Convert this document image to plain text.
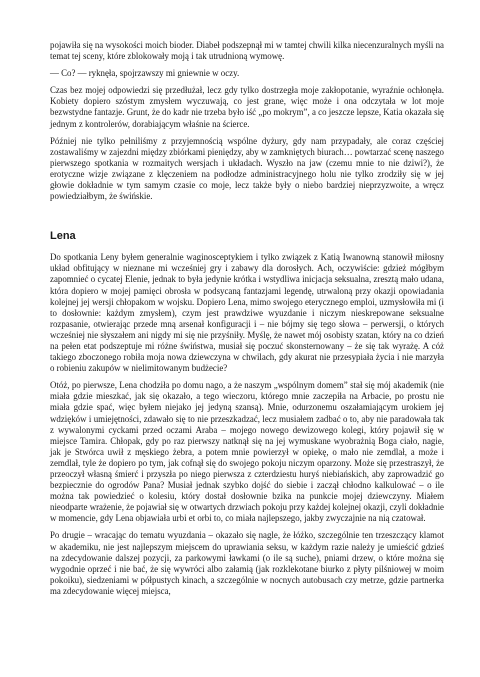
pojawiła się na wysokości moich bioder. Diabeł podszepnął mi w tamtej chwili kilka niecenzuralnych myśli na temat tej sceny, które zblokowały moją i tak utrudnioną wymowę.

— Co? — ryknęła, spojrzawszy mi gniewnie w oczy.

Czas bez mojej odpowiedzi się przedłużał, lecz gdy tylko dostrzegła moje zakłopotanie, wyraźnie ochłonęła. Kobiety dopiero szóstym zmysłem wyczuwają, co jest grane, więc może i ona odczytała w lot moje bezwstydne fantazje. Grunt, że do kadr nie trzeba było iść „po mokrym”, a co jeszcze lepsze, Katia okazała się jednym z kontrolerów, dorabiającym właśnie na ścierce.

Później nie tylko pełniliśmy z przyjemnością wspólne dyżury, gdy nam przypadały, ale coraz częściej zostawaliśmy w zajezdni między zbiórkami pieniędzy, aby w zamkniętych biurach… powtarzać scenę naszego pierwszego spotkania w rozmaitych wersjach i układach. Wyszło na jaw (czemu mnie to nie dziwi?), że erotyczne wizje związane z klęczeniem na podłodze administracyjnego holu nie tylko zrodziły się w jej głowie dokładnie w tym samym czasie co moje, lecz także były o niebo bardziej nieprzyzwoite, a wręcz powiedziałbym, że świńskie.

Lena

Do spotkania Leny byłem generalnie waginosceptykiem i tylko związek z Katią Iwanowną stanowił miłosny układ obfitujący w nieznane mi wcześniej gry i zabawy dla dorosłych. Ach, oczywiście: gdzież mógłbym zapomnieć o cycatej Elenie, jednak to była jedynie krótka i wstydliwa inicjacja seksualna, zresztą mało udana, która dopiero w mojej pamięci obrosła w podsycaną fantazjami legendę, utrwaloną przy okazji opowiadania kolejnej jej wersji chłopakom w wojsku. Dopiero Lena, mimo swojego eterycznego emploi, uzmysłowiła mi (i to dosłownie: każdym zmysłem), czym jest prawdziwe wyuzdanie i niczym nieskrepowane seksualne rozpasanie, otwierając przede mną arsenał konfiguracji i – nie bójmy się tego słowa – perwersji, o których wcześniej nie słyszałem ani nigdy mi się nie przyśniły. Myślę, że nawet mój osobisty szatan, który na co dzień na pełen etat podszeptuje mi różne świństwa, musiał się poczuć skonsternowany – że się tak wyrażę. A cóż takiego zboczonego robiła moja nowa dziewczyna w chwilach, gdy akurat nie przesypiała życia i nie marzyła o robieniu zakupów w nielimitowanym budżecie?

Otóż, po pierwsze, Lena chodziła po domu nago, a że naszym „wspólnym domem” stał się mój akademik (nie miała gdzie mieszkać, jak się okazało, a tego wieczoru, którego mnie zaczepiła na Arbacie, po prostu nie miała gdzie spać, więc byłem niejako jej jedyną szansą). Mnie, odurzonemu oszałamiającym urokiem jej wdzięków i umiejętności, zdawało się to nie przeszkadzać, lecz musiałem zadbać o to, aby nie paradowała tak z wywalonymi cyckami przed oczami Araba – mojego nowego dewizowego kolegi, który pojawił się w miejsce Tamira. Chłopak, gdy po raz pierwszy natknął się na jej wymuskane wyobrażnią Boga ciało, nagie, jak je Stwórca uwił z męskiego żebra, a potem mnie powierzył w opiekę, o mało nie zemdlał, a może i zemdlał, tyle że dopiero po tym, jak cofnął się do swojego pokoju niczym oparzony. Może się przestraszył, że przeoczył własną śmierć i przyszła po niego pierwsza z czterdziestu huryś niebiańskich, aby zaprowadzić go bezpiecznie do ogrodów Pana? Musiał jednak szybko dojść do siebie i zaczął chłodno kalkulować – o ile można tak powiedzieć o kolesiu, który dostał dosłownie bzika na punkcie mojej dziewczyny. Miałem nieodparte wrażenie, że pojawiał się w otwartych drzwiach pokoju przy każdej kolejnej okazji, czyli dokładnie w momencie, gdy Lena objawiała urbi et orbi to, co miała najlepszego, jakby zwyczajnie na nią czatował.

Po drugie – wracając do tematu wyuzdania – okazało się nagle, że łóżko, szczególnie ten trzeszczący klamot w akademiku, nie jest najlepszym miejscem do uprawiania seksu, w każdym razie należy je umieścić gdzieś na zdecydowanie dalszej pozycji, za parkowymi ławkami (o ile są suche), pniami drzew, o które można się wygodnie oprzeć i nie bać, że się wywróci albo załamią (jak rozklekotane biurko z płyty pilśniowej w moim pokoiku), siedzeniami w półpustych kinach, a szczególnie w nocnych autobusach czy metrze, gdzie partnerka ma zdecydowanie więcej miejsca,
